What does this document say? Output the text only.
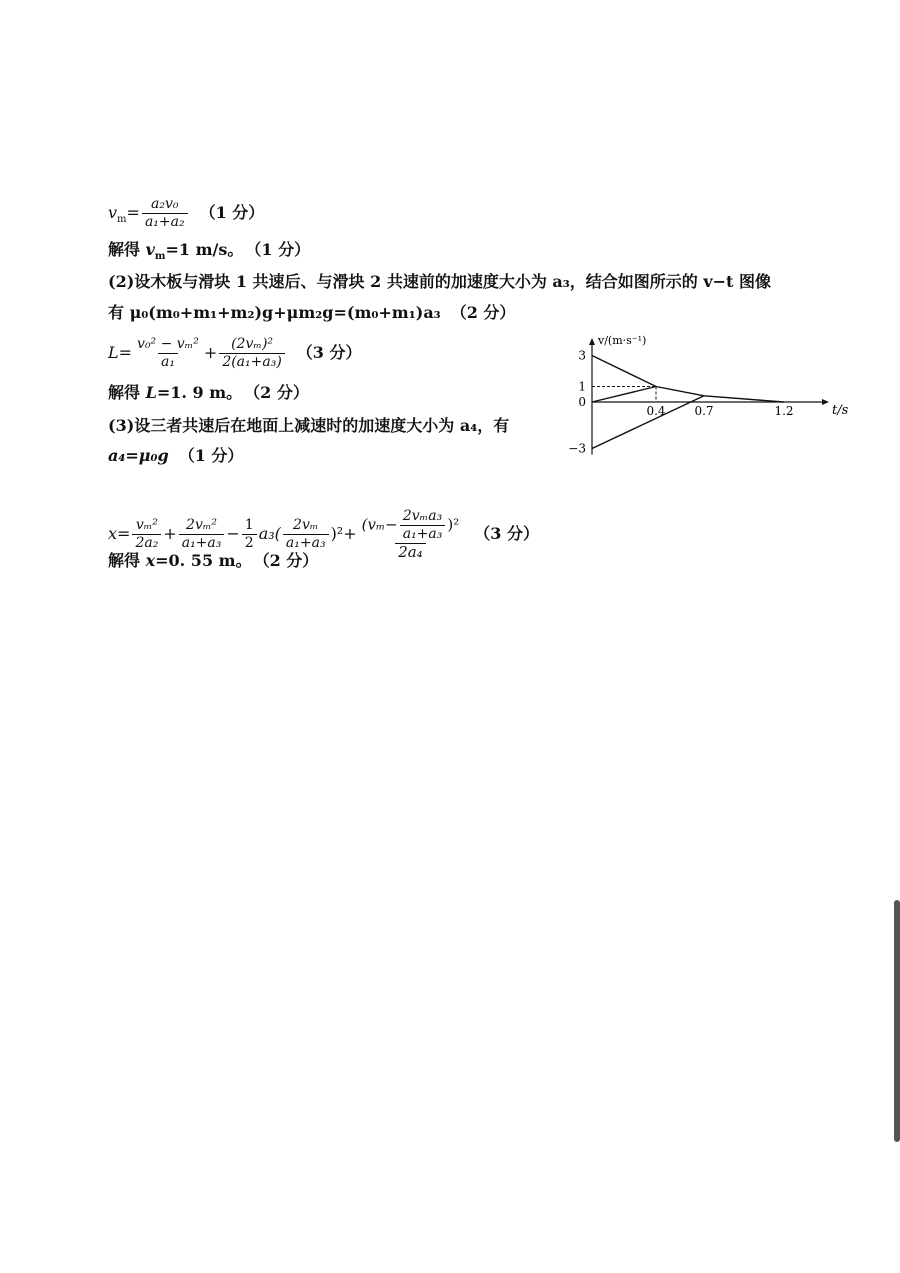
$v_m= \frac{\text{a₂v₀}}{\text{a₁+a₂}} (1$ 分）
解得 $v_m=1$ m/s。 （1 分）
(2)设木板与滑块 1 共速后、与滑块 2 共速前的加速度大小为 a₃，结合如图所示的 v−t 图像
有 μ₀(m₀+m₁+m₂)g+μm₂g=(m₀+m₁)a₃ （2 分）
$L= \frac{\text{v₀² − vₘ²}}{\text{a₁}} + \frac{\text{(2vₘ)²}}{\text{2(a₁+a₃)}} (3$ 分）
解得 L=1. 9 m。 （2 分）
(3)设三者共速后在地面上减速时的加速度大小为 a₄，有
a₄=μ₀g （1 分）
$x= \frac{\text{vₘ²}}{\text{2a₂}} + \frac{\text{2vₘ²}}{\text{a₁+a₃}} - \frac{1}{2} a_3( \frac{\text{2vₘ}}{\text{a₁+a₃}} )^2+ \frac{(v_m- \frac{\text{2vₘa₃}}{\text{a₁+a₃}} )^2}{\text{2a₄}} (3$ 分）
解得 x=0. 55 m。 （2 分）
v/(m·s⁻¹)
t/s
3
1
0
−3
0.4 0.7	1.2
